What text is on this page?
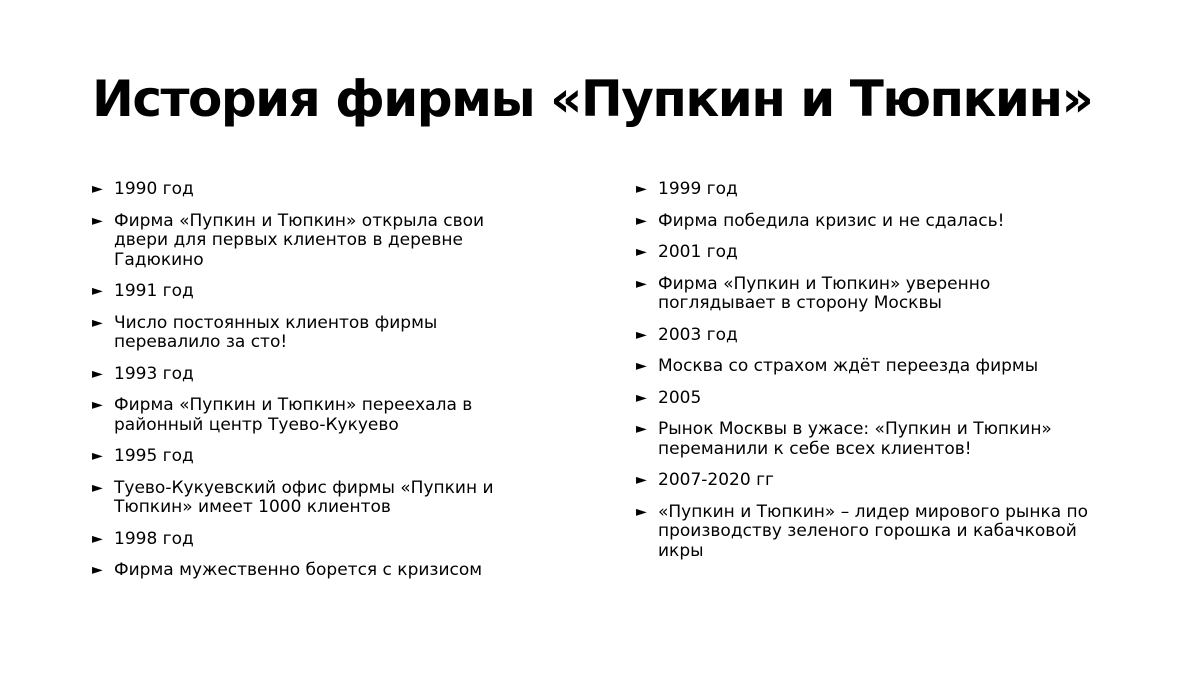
История фирмы «Пупкин и Тюпкин»
► 1990 год
► Фирма «Пупкин и Тюпкин» открыла свои двери для первых клиентов в деревне Гадюкино
► 1991 год
► Число постоянных клиентов фирмы перевалило за сто!
► 1993 год
► Фирма «Пупкин и Тюпкин» переехала в районный центр Туево-Кукуево
► 1995 год
► Туево-Кукуевский офис фирмы «Пупкин и Тюпкин» имеет 1000 клиентов
► 1998 год
► Фирма мужественно борется с кризисом
► 1999 год
► Фирма победила кризис и не сдалась!
► 2001 год
► Фирма «Пупкин и Тюпкин» уверенно поглядывает в сторону Москвы
► 2003 год
► Москва со страхом ждёт переезда фирмы
► 2005
► Рынок Москвы в ужасе: «Пупкин и Тюпкин» переманили к себе всех клиентов!
► 2007-2020 гг
► «Пупкин и Тюпкин» – лидер мирового рынка по производству зеленого горошка и кабачковой икры
